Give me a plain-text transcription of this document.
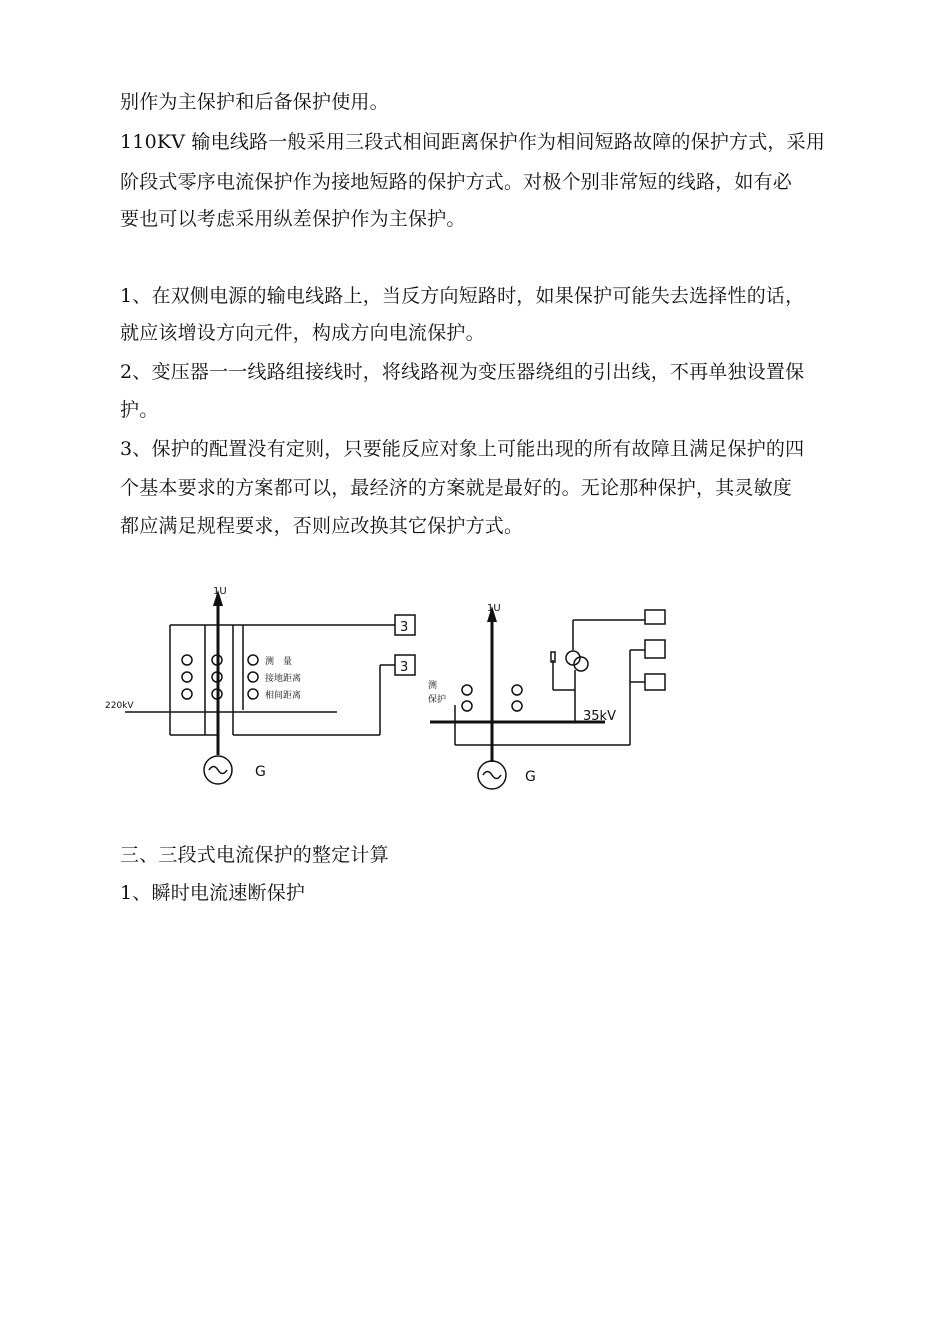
别作为主保护和后备保护使用。
110KV 输电线路一般采用三段式相间距离保护作为相间短路故障的保护方式，采用
阶段式零序电流保护作为接地短路的保护方式。对极个别非常短的线路，如有必
要也可以考虑采用纵差保护作为主保护。
1、在双侧电源的输电线路上，当反方向短路时，如果保护可能失去选择性的话，
就应该增设方向元件，构成方向电流保护。
2、变压器一一线路组接线时，将线路视为变压器绕组的引出线，不再单独设置保
护。
3、保护的配置没有定则，只要能反应对象上可能出现的所有故障且满足保护的四
个基本要求的方案都可以，最经济的方案就是最好的。无论那种保护，其灵敏度
都应满足规程要求，否则应改换其它保护方式。
1U
220kV
测　量
接地距离
相间距离
3
3
G
1U
测
保护
35kV
G
三、三段式电流保护的整定计算
1、瞬时电流速断保护
